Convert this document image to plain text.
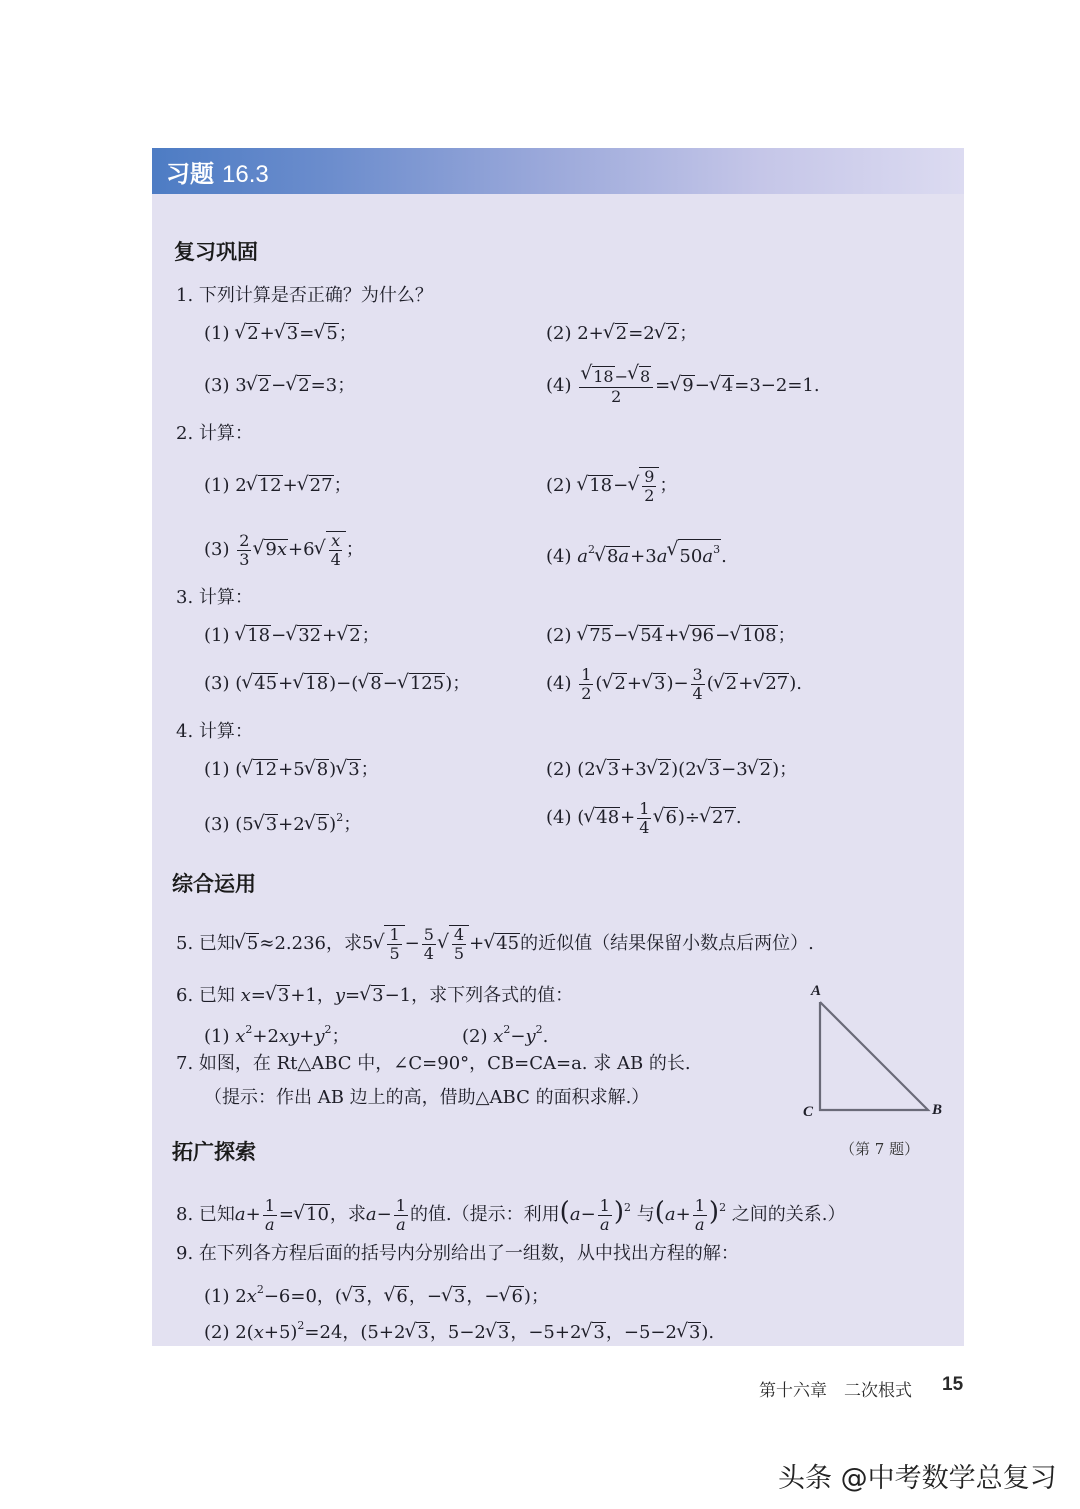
习题 16.3
复习巩固
1. 下列计算是否正确？为什么？
(1) √ 2+ √ 3= √ 5；	(2) 2+ √ 2=2 √ 2；
(3) 3 √ 2− √ 2=3；	(4) √ $\frac{18- √ 8}{2}$ = √ 9− √ 4=3−2=1.
2. 计算：
(1) 2 √ 12+ √ 27；	(2) √ 18− √ $\frac{9}{2}$ ；
$(3) \frac{2}{3}$ √ 9x+6 √ $\frac{x}{4}$ ；	(4) $a^2$ √ 8a+3a √ $50a^3$.
3. 计算：
(1) √ 18− √ 32+ √ 2；	(2) √ 75− √ 54+ √ 96− √ 108；
(3) ( √ 45+ √ 18)−( √ 8− √ 125)；	$(4) \frac{1}{2}$ ( √ 2+ √ $3)- \frac{3}{4}$ ( √ 2+ √ 27).
4. 计算：
(1) ( √ 12+5 √ 8) √ 3；	(2) (2 √ 3+3 √ 2)(2 √ 3−3 √ 2)；
(3) (5 √ 3+2 √ 5)$^2$；	(4) ( √ $48+ \frac{1}{4}$ √ 6)÷ √ 27.
综合运用
5. 已知 √ 5≈2.236，求5 √ $\frac{1}{5} - \frac{5}{4}$ √ $\frac{4}{5}$ + √ 45的近似值（结果保留小数点后两位）.
6. 已知 x= √ 3+1，y= √ 3−1，求下列各式的值：
(1) $x^2+2xy+y^2$；	(2) $x^2-y^2$.
7. 如图，在 Rt△ABC 中，∠C=90°，CB=CA=a. 求 AB 的长.
（提示：作出 AB 边上的高，借助△ABC 的面积求解.）
A
B
C
（第 7 题）
拓广探索
8. 已知$a+ \frac{1}{a}$ = √ 10，求$a- \frac{1}{a}$ 的值.（提示：利用$(a- \frac{1}{a} )^2$ 与$(a+ \frac{1}{a} )^2$ 之间的关系.）
9. 在下列各方程后面的括号内分别给出了一组数，从中找出方程的解：
(1) $2x^2-6=0$，( √ 3， √ 6，− √ 3，− √ 6)；
(2) $2(x+5)^2=24$，(5+2 √ 3，5−2 √ 3，−5+2 √ 3，−5−2 √ 3).
第十六章　二次根式 15
头条 @中考数学总复习
